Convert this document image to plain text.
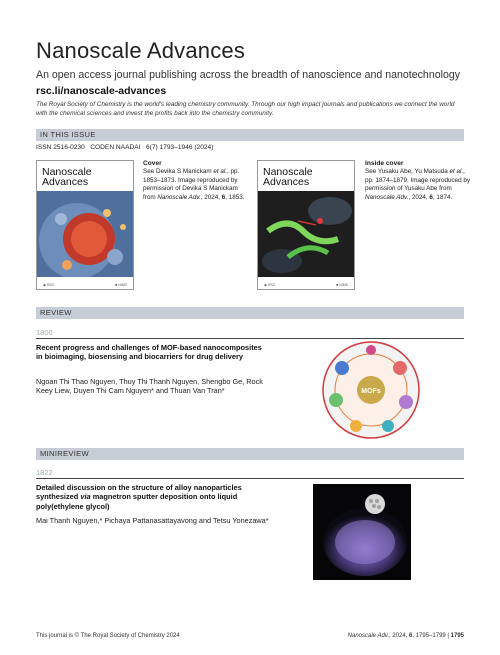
Nanoscale Advances
An open access journal publishing across the breadth of nanoscience and nanotechnology
rsc.li/nanoscale-advances
The Royal Society of Chemistry is the world's leading chemistry community. Through our high impact journals and publications we connect the world with the chemical sciences and invest the profits back into the chemistry community.
IN THIS ISSUE
ISSN 2516-0230 CODEN NAADAI 6(7) 1793–1946 (2024)
Nanoscale
Advances
◉ RSC	■ NIMS
Cover
See Devika S Manickam et al., pp. 1853–1873. Image reproduced by permission of Devika S Manickam from Nanoscale Adv., 2024, 6, 1853.
Nanoscale
Advances
◉ RSC	■ NIMS
Inside cover
See Yusaku Abe, Yu Matsuda et al., pp. 1874–1879. Image reproduced by permission of Yusaku Abe from Nanoscale Adv., 2024, 6, 1874.
REVIEW
1800
Recent progress and challenges of MOF-based nanocomposites in bioimaging, biosensing and biocarriers for drug delivery
Ngoan Thi Thao Nguyen, Thuy Thi Thanh Nguyen, Shengbo Ge, Rock Keey Liew, Duyen Thi Cam Nguyen* and Thuan Van Tran*	MOFs
MINIREVIEW
1822
Detailed discussion on the structure of alloy nanoparticles synthesized via magnetron sputter deposition onto liquid poly(ethylene glycol)
Mai Thanh Nguyen,* Pichaya Pattanasattayavong and Tetsu Yonezawa*
This journal is © The Royal Society of Chemistry 2024	Nanoscale Adv., 2024, 6, 1795–1799 | 1795
